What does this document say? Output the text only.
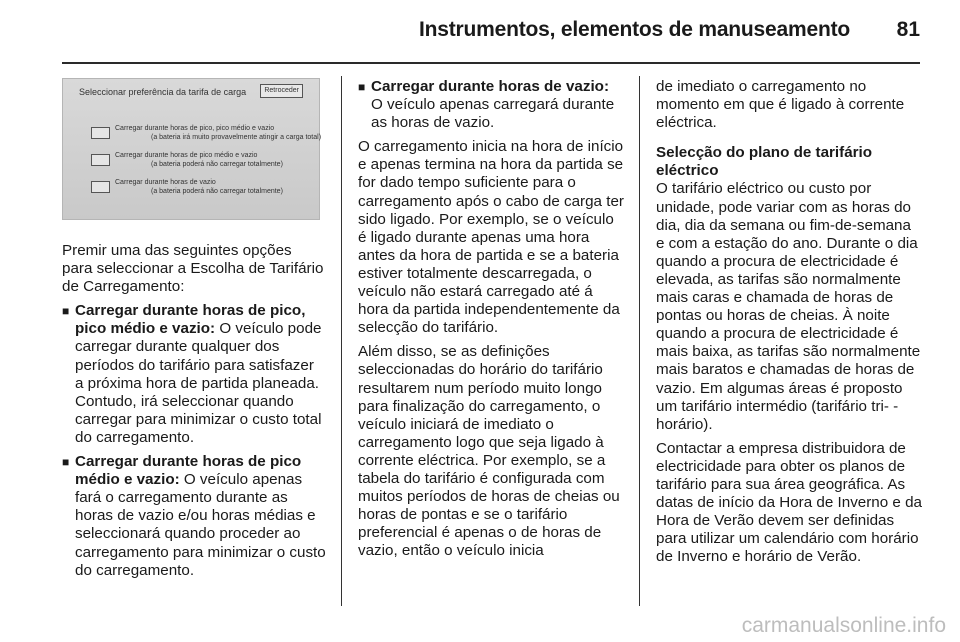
Instrumentos, elementos de manuseamento 81
Seleccionar preferência da tarifa de carga	Retroceder
Carregar durante horas de pico, pico médio e vazio
(a bateria irá muito provavelmente atingir a carga total)
Carregar durante horas de pico médio e vazio
(a bateria poderá não carregar totalmente)
Carregar durante horas de vazio
(a bateria poderá não carregar totalmente)

Premir uma das seguintes opções para seleccionar a Escolha de Tarifário de Carregamento:

■ Carregar durante horas de pico, pico médio e vazio: O veículo pode carregar durante qualquer dos períodos do tarifário para satisfazer a próxima hora de partida planeada. Contudo, irá seleccionar quando carregar para minimizar o custo total do carregamento.
■ Carregar durante horas de pico médio e vazio: O veículo apenas fará o carregamento durante as horas de vazio e/ou horas médias e seleccionará quando proceder ao carregamento para minimizar o custo do carregamento.
■ Carregar durante horas de vazio:
O veículo apenas carregará durante as horas de vazio.

O carregamento inicia na hora de início e apenas termina na hora da partida se for dado tempo suficiente para o carregamento após o cabo de carga ter sido ligado. Por exemplo, se o veículo é ligado durante apenas uma hora antes da hora de partida e se a bateria estiver totalmente descarregada, o veículo não estará carregado até á hora da partida independentemente da selecção do tarifário.

Além disso, se as definições seleccionadas do horário do tarifário resultarem num período muito longo para finalização do carregamento, o veículo iniciará de imediato o carregamento logo que seja ligado à corrente eléctrica. Por exemplo, se a tabela do tarifário é configurada com muitos períodos de horas de cheias ou horas de pontas e se o tarifário preferencial é apenas o de horas de vazio, então o veículo inicia

de imediato o carregamento no momento em que é ligado à corrente eléctrica.

Selecção do plano de tarifário eléctrico

O tarifário eléctrico ou custo por unidade, pode variar com as horas do dia, dia da semana ou fim-de-semana e com a estação do ano. Durante o dia quando a procura de electricidade é elevada, as tarifas são normalmente mais caras e chamada de horas de pontas ou horas de cheias. À noite quando a procura de electricidade é mais baixa, as tarifas são normalmente mais baratos e chamadas de horas de vazio. Em algumas áreas é proposto um tarifário intermédio (tarifário tri- -horário).

Contactar a empresa distribuidora de electricidade para obter os planos de tarifário para sua área geográfica. As datas de início da Hora de Inverno e da Hora de Verão devem ser definidas para utilizar um calendário com horário de Inverno e horário de Verão.

carmanualsonline.info
